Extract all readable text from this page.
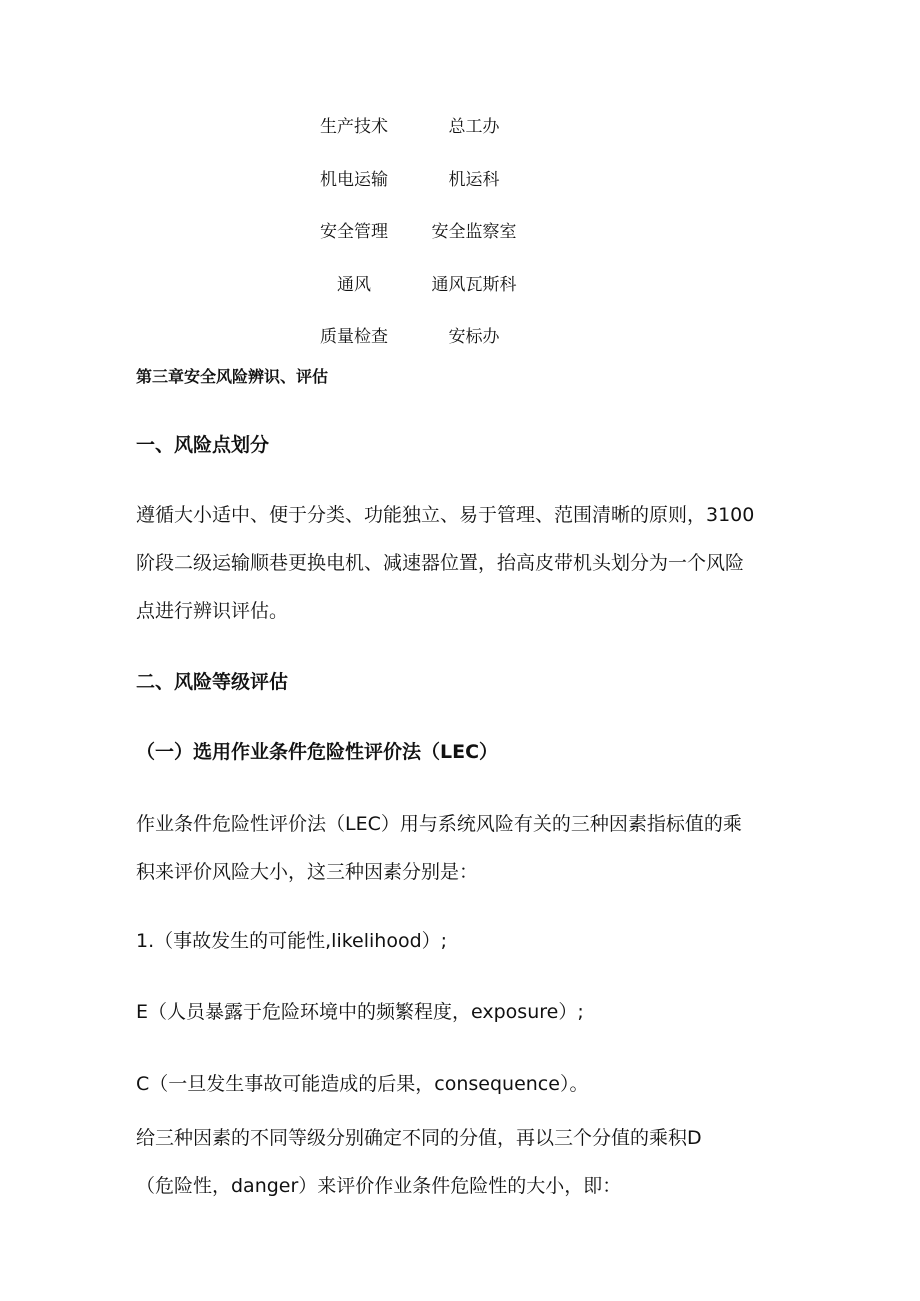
生产技术	总工办
机电运输	机运科
安全管理	安全监察室
通风	通风瓦斯科
质量检查	安标办

第三章安全风险辨识、评估

一、风险点划分

遵循大小适中、便于分类、功能独立、易于管理、范围清晰的原则，3100

阶段二级运输顺巷更换电机、减速器位置，抬高皮带机头划分为一个风险

点进行辨识评估。

二、风险等级评估

（一）选用作业条件危险性评价法（LEC）

作业条件危险性评价法（LEC）用与系统风险有关的三种因素指标值的乘

积来评价风险大小，这三种因素分别是：

1.（事故发生的可能性,likelihood）;

E（人员暴露于危险环境中的频繁程度，exposure）;

C（一旦发生事故可能造成的后果，consequence）。

给三种因素的不同等级分别确定不同的分值，再以三个分值的乘积D

（危险性，danger）来评价作业条件危险性的大小，即：
